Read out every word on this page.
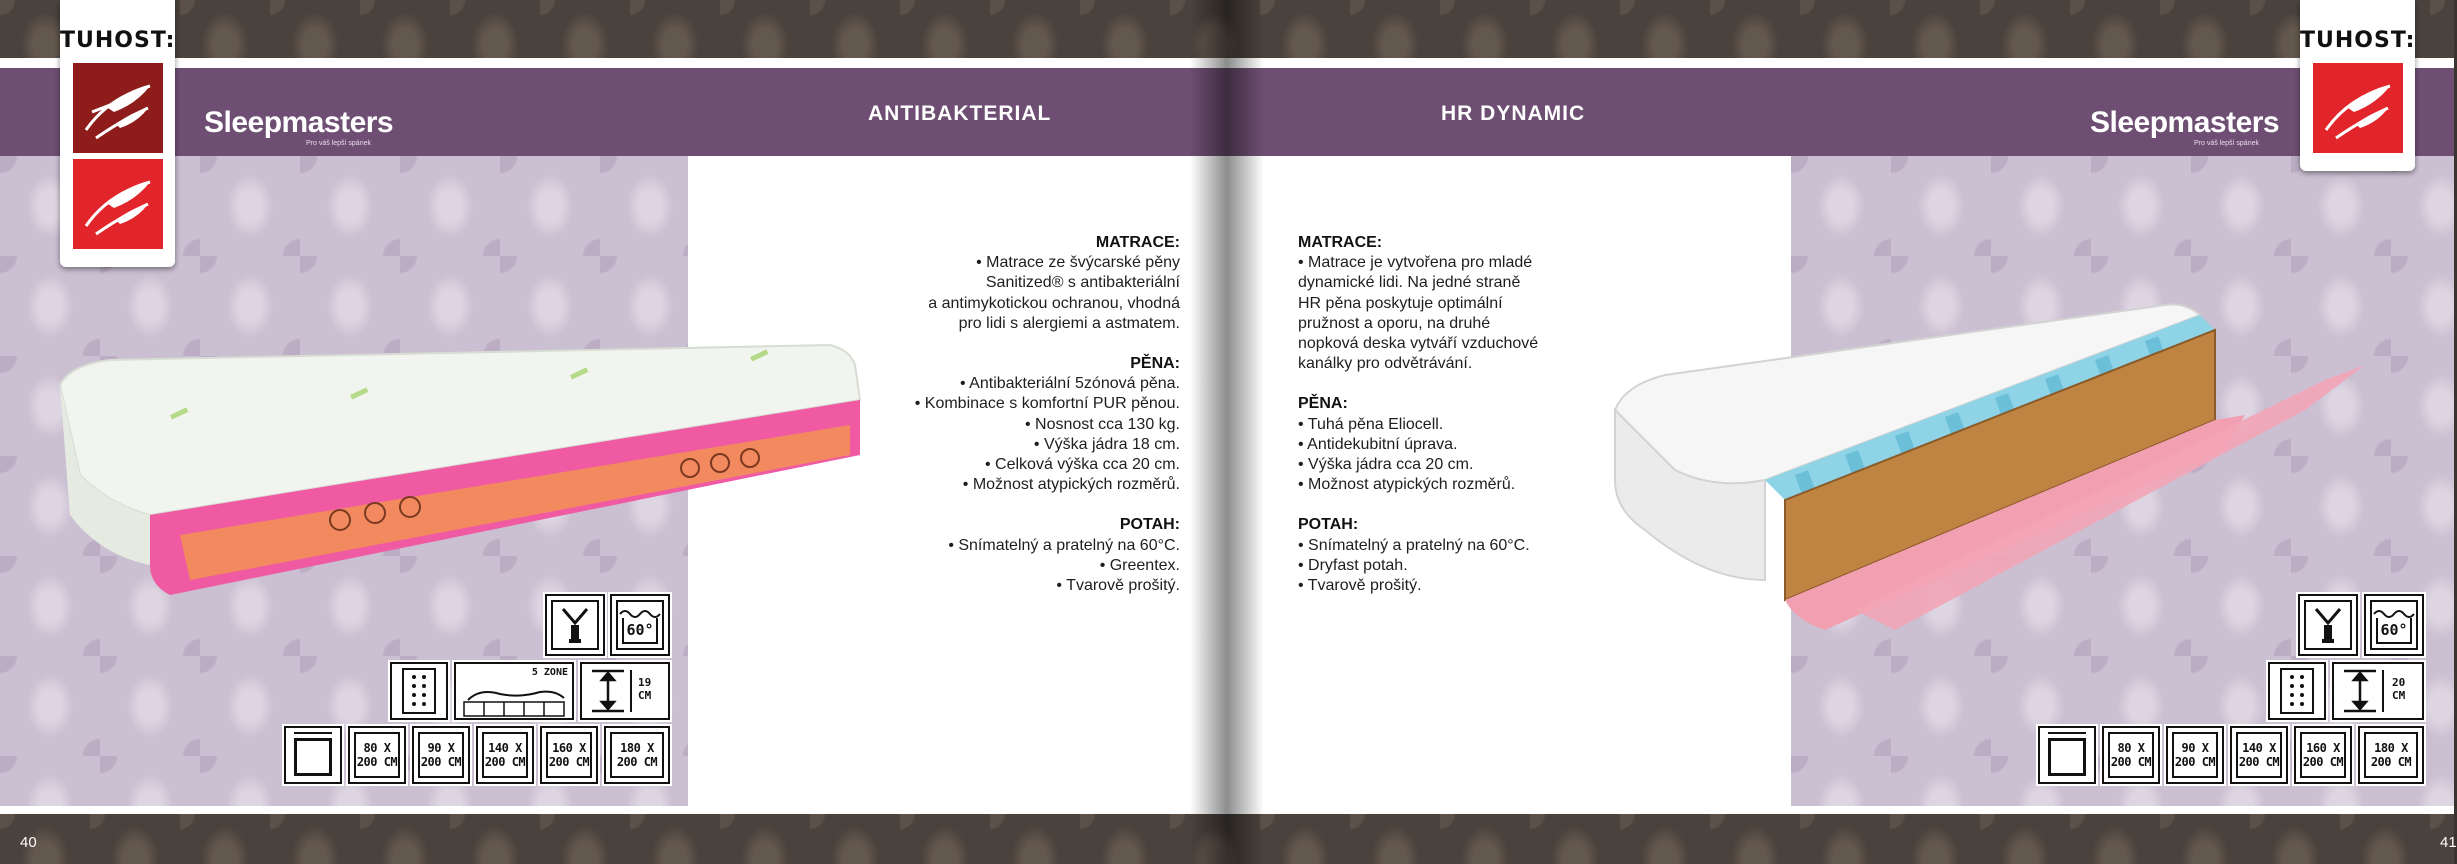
TUHOST:	TUHOST:
Sleepmasters
Pro váš lepší spánek
Sleepmasters
Pro váš lepší spánek
ANTIBAKTERIAL	HR DYNAMIC
MATRACE:
• Matrace ze švýcarské pěny
Sanitized® s antibakteriální
a antimykotickou ochranou, vhodná
pro lidi s alergiemi a astmatem.
PĚNA:
• Antibakteriální 5zónová pěna.
• Kombinace s komfortní PUR pěnou.
• Nosnost cca 130 kg.
• Výška jádra 18 cm.
• Celková výška cca 20 cm.
• Možnost atypických rozměrů.
POTAH:
• Snímatelný a pratelný na 60°C.
• Greentex.
• Tvarově prošitý.
MATRACE:
• Matrace je vytvořena pro mladé
dynamické lidi. Na jedné straně
HR pěna poskytuje optimální
pružnost a oporu, na druhé
nopková deska vytváří vzduchové
kanálky pro odvětrávání.
PĚNA:
• Tuhá pěna Eliocell.
• Antidekubitní úprava.
• Výška jádra cca 20 cm.
• Možnost atypických rozměrů.
POTAH:
• Snímatelný a pratelný na 60°C.
• Dryfast potah.
• Tvarově prošitý.
60°
5 ZONE
19
CM
80 X
200 CM
90 X
200 CM
140 X
200 CM
160 X
200 CM
180 X
200 CM
60°
20
CM
80 X
200 CM
90 X
200 CM
140 X
200 CM
160 X
200 CM
180 X
200 CM
40	41
